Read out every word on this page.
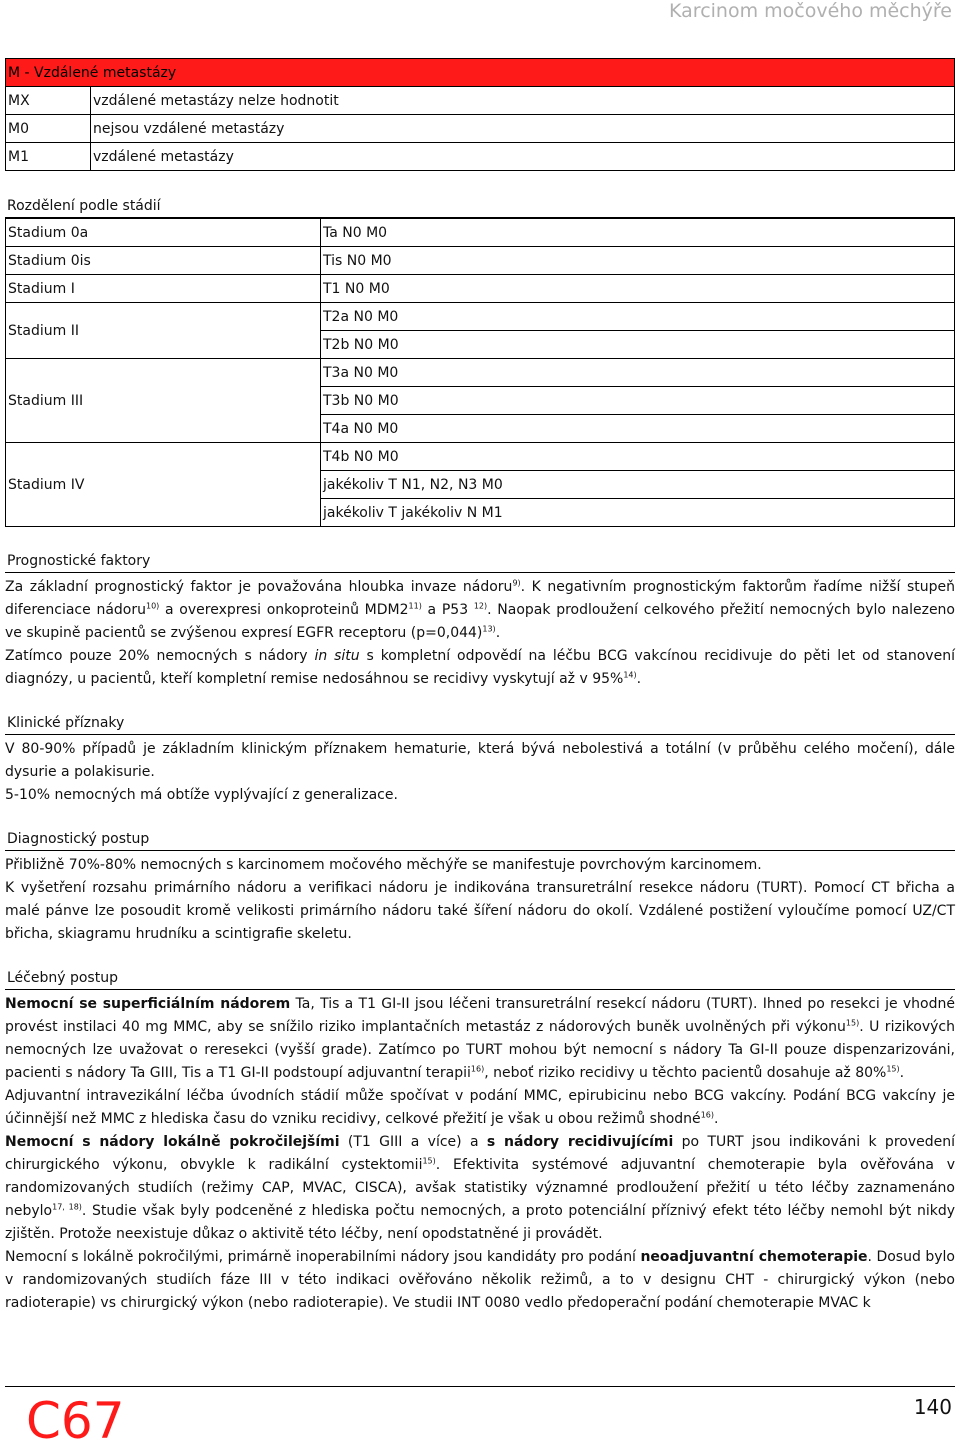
Karcinom močového měchýře
M - Vzdálené metastázy	
MX	vzdálené metastázy nelze hodnotit
M0	nejsou vzdálené metastázy
M1	vzdálené metastázy
Rozdělení podle stádií
Stadium 0a	Ta N0 M0
Stadium 0is	Tis N0 M0
Stadium I	T1 N0 M0
Stadium II	T2a N0 M0
	T2b N0 M0
Stadium III	T3a N0 M0
	T3b N0 M0
	T4a N0 M0
Stadium IV	T4b N0 M0
	jakékoliv T N1, N2, N3 M0
	jakékoliv T jakékoliv N M1
Prognostické faktory

Za základní prognostický faktor je považována hloubka invaze nádoru$^{9)}$. K negativním prognostickým faktorům řadíme nižší stupeň diferenciace nádoru$^{10)}$ a overexpresi onkoproteinů MDM2$^{11)}$ a P53 $^{12)}$. Naopak prodloužení celkového přežití nemocných bylo nalezeno ve skupině pacientů se zvýšenou expresí EGFR receptoru (p=0,044)$^{13)}$.

Zatímco pouze 20% nemocných s nádory in situ s kompletní odpovědí na léčbu BCG vakcínou recidivuje do pěti let od stanovení diagnózy, u pacientů, kteří kompletní remise nedosáhnou se recidivy vyskytují až v 95%$^{14)}$.

Klinické příznaky

V 80-90% případů je základním klinickým příznakem hematurie, která bývá nebolestivá a totální (v průběhu celého močení), dále dysurie a polakisurie.

5-10% nemocných má obtíže vyplývající z generalizace.

Diagnostický postup

Přibližně 70%-80% nemocných s karcinomem močového měchýře se manifestuje povrchovým karcinomem.

K vyšetření rozsahu primárního nádoru a verifikaci nádoru je indikována transuretrální resekce nádoru (TURT). Pomocí CT břicha a malé pánve lze posoudit kromě velikosti primárního nádoru také šíření nádoru do okolí. Vzdálené postižení vyloučíme pomocí UZ/CT břicha, skiagramu hrudníku a scintigrafie skeletu.

Léčebný postup

Nemocní se superficiálním nádorem Ta, Tis a T1 GI-II jsou léčeni transuretrální resekcí nádoru (TURT). Ihned po resekci je vhodné provést instilaci 40 mg MMC, aby se snížilo riziko implantačních metastáz z nádorových buněk uvolněných při výkonu$^{15)}$. U rizikových nemocných lze uvažovat o reresekci (vyšší grade). Zatímco po TURT mohou být nemocní s nádory Ta GI-II pouze dispenzarizováni, pacienti s nádory Ta GIII, Tis a T1 GI-II podstoupí adjuvantní terapii$^{16)}$, neboť riziko recidivy u těchto pacientů dosahuje až 80%$^{15)}$.

Adjuvantní intravezikální léčba úvodních stádií může spočívat v podání MMC, epirubicinu nebo BCG vakcíny. Podání BCG vakcíny je účinnější než MMC z hlediska času do vzniku recidivy, celkové přežití je však u obou režimů shodné$^{16)}$.

Nemocní s nádory lokálně pokročilejšími (T1 GIII a více) a s nádory recidivujícími po TURT jsou indikováni k provedení chirurgického výkonu, obvykle k radikální cystektomii$^{15)}$. Efektivita systémové adjuvantní chemoterapie byla ověřována v randomizovaných studiích (režimy CAP, MVAC, CISCA), avšak statistiky významné prodloužení přežití u této léčby zaznamenáno nebylo$^{17, 18)}$. Studie však byly podceněné z hlediska počtu nemocných, a proto potenciální příznivý efekt této léčby nemohl být nikdy zjištěn. Protože neexistuje důkaz o aktivitě této léčby, není opodstatněné ji provádět.

Nemocní s lokálně pokročilými, primárně inoperabilními nádory jsou kandidáty pro podání neoadjuvantní chemoterapie. Dosud bylo v randomizovaných studiích fáze III v této indikaci ověřováno několik režimů, a to v designu CHT - chirurgický výkon (nebo radioterapie) vs chirurgický výkon (nebo radioterapie). Ve studii INT 0080 vedlo předoperační podání chemoterapie MVAC k

C67	140
